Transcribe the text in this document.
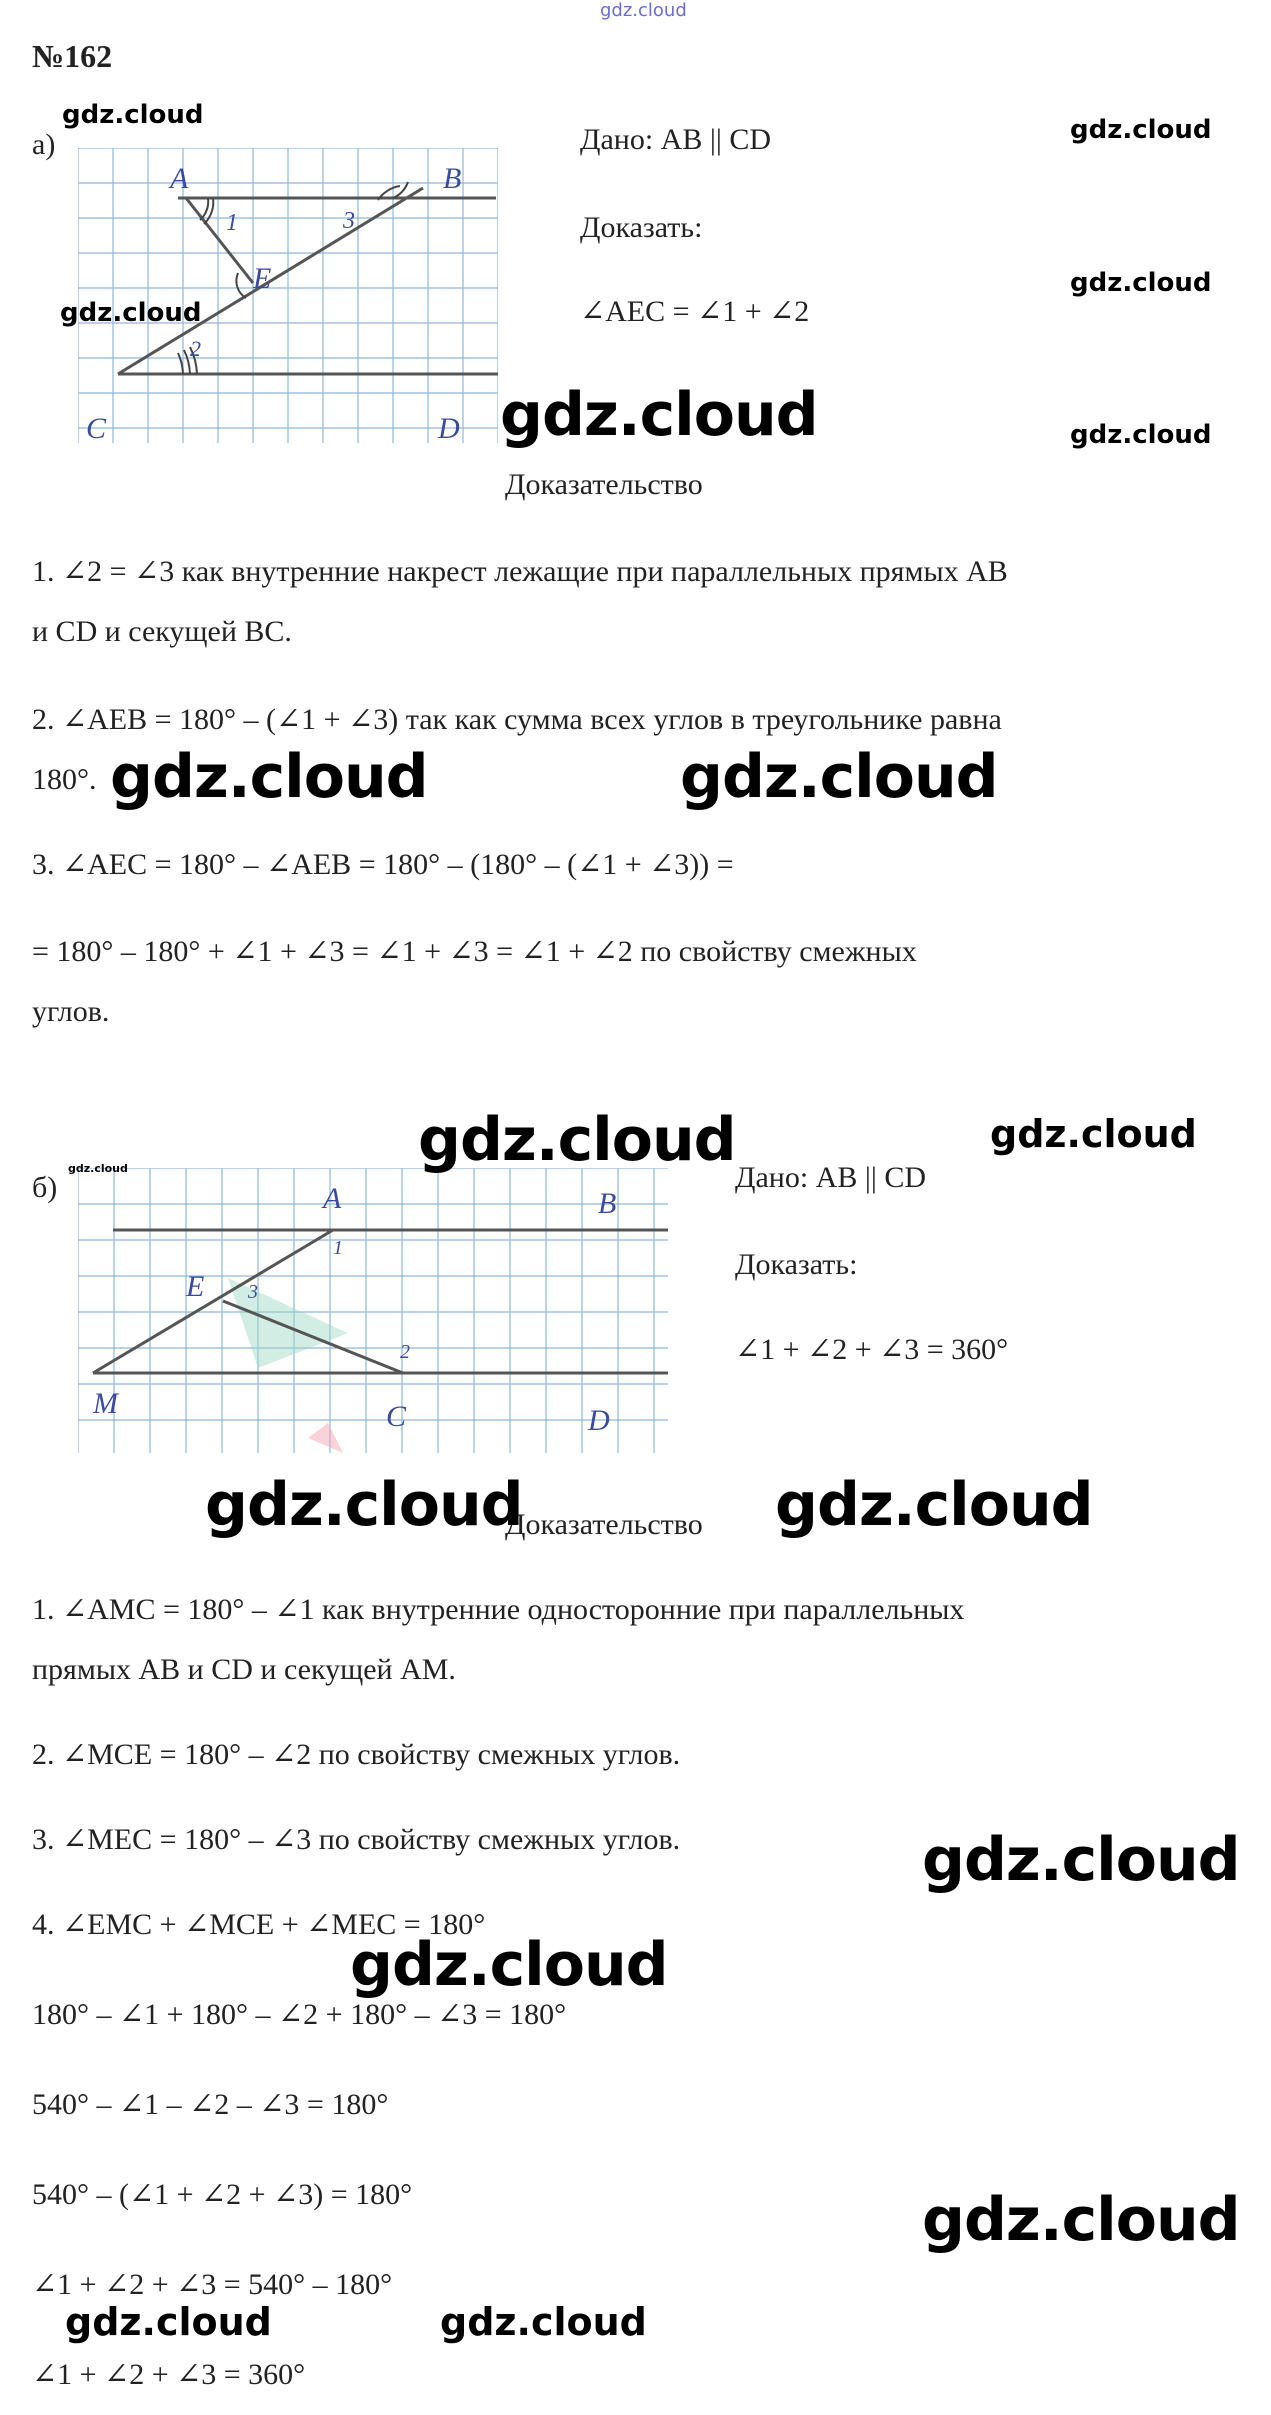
gdz.cloud
№162
а)
A	B
E
C	D
1	3
2
Дано: AB || CD
Доказать:
∠AEC = ∠1 + ∠2
Доказательство
1. ∠2 = ∠3 как внутренние накрест лежащие при параллельных прямых AB
и CD и секущей BC.
2. ∠AEB = 180° – (∠1 + ∠3) так как сумма всех углов в треугольнике равна
180°.
3. ∠AEC = 180° – ∠AEB = 180° – (180° – (∠1 + ∠3)) =
= 180° – 180° + ∠1 + ∠3 = ∠1 + ∠3 = ∠1 + ∠2 по свойству смежных
углов.
б)	A	B
E
M	C	D
1
3
2
Дано: AB || CD
Доказать:
∠1 + ∠2 + ∠3 = 360°
Доказательство
1. ∠AMC = 180° – ∠1 как внутренние односторонние при параллельных
прямых AB и CD и секущей AM.
2. ∠MCE = 180° – ∠2 по свойству смежных углов.
3. ∠MEC = 180° – ∠3 по свойству смежных углов.
4. ∠EMC + ∠MCE + ∠MEC = 180°
180° – ∠1 + 180° – ∠2 + 180° – ∠3 = 180°
540° – ∠1 – ∠2 – ∠3 = 180°
540° – (∠1 + ∠2 + ∠3) = 180°
∠1 + ∠2 + ∠3 = 540° – 180°
∠1 + ∠2 + ∠3 = 360°
gdz.cloud
gdz.cloud
gdz.cloud
gdz.cloud
gdz.cloud
gdz.cloud
gdz.cloud	gdz.cloud
gdz.cloud	gdz.cloud
gdz.cloud
gdz.cloud	gdz.cloud
gdz.cloud
gdz.cloud
gdz.cloud
gdz.cloud	gdz.cloud
